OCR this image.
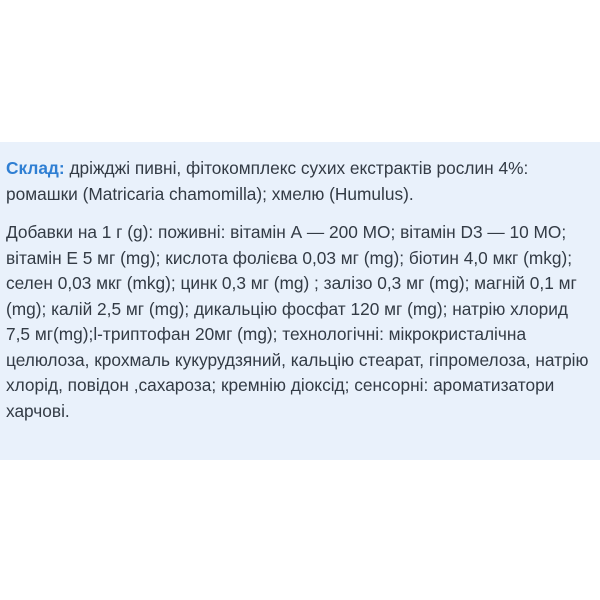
Склад: дріжджі пивні, фітокомплекс сухих екстрактів рослин 4%: ромашки (Matricaria chamomilla); хмелю (Humulus).

Добавки на 1 г (g): поживні: вітамін А — 200 МО; вітамін D3 — 10 МО; вітамін Е 5 мг (mg); кислота фолієва 0,03 мг (mg); біотин 4,0 мкг (mkg); селен 0,03 мкг (mkg); цинк 0,3 мг (mg) ; залізо 0,3 мг (mg); магній 0,1 мг (mg); калій 2,5 мг (mg); дикальцію фосфат 120 мг (mg); натрію хлорид 7,5 мг(mg);l-триптофан 20мг (mg); технологічні: мікрокристалічна целюлоза, крохмаль кукурудзяний, кальцію стеарат, гіпромелоза, натрію хлорід, повідон ,сахароза; кремнію діоксід; сенсорні: ароматизатори харчові.
